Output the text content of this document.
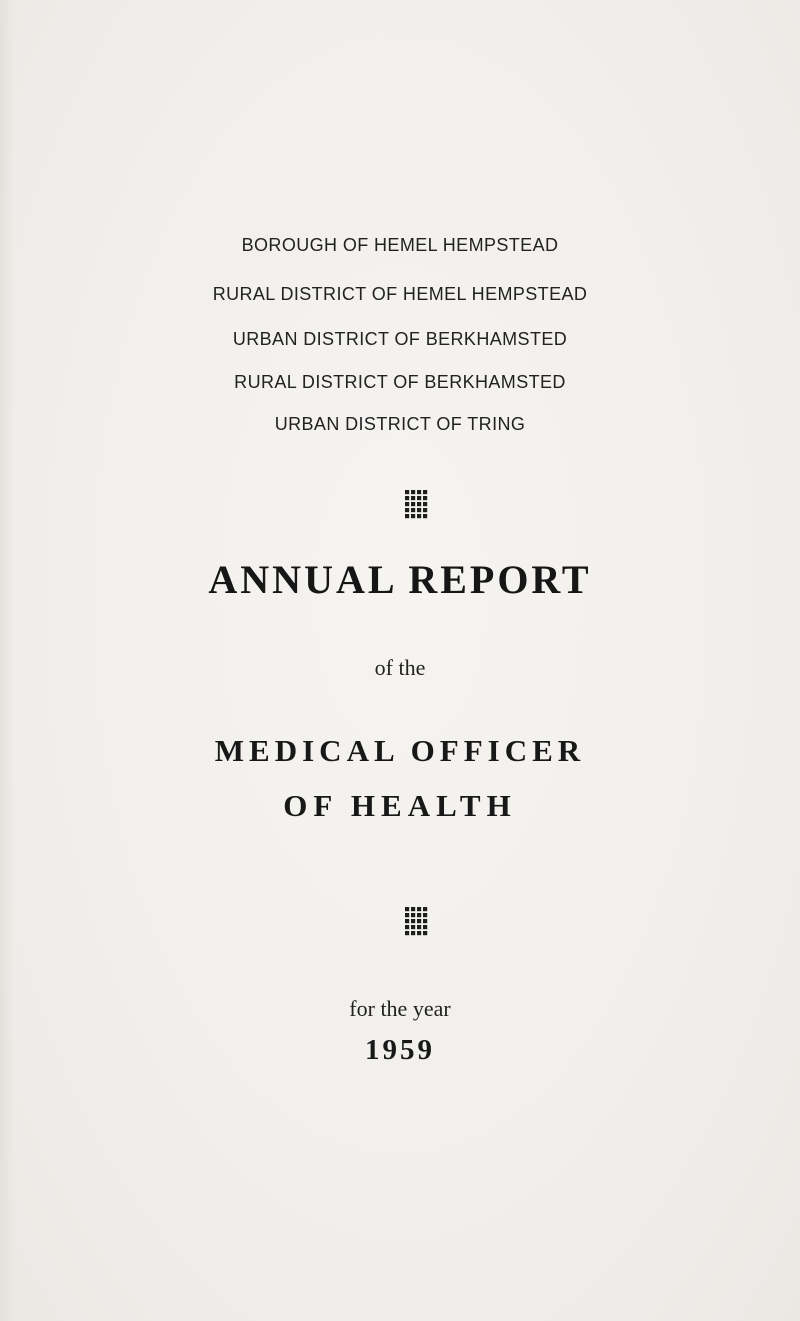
BOROUGH OF HEMEL HEMPSTEAD
RURAL DISTRICT OF HEMEL HEMPSTEAD
URBAN DISTRICT OF BERKHAMSTED
RURAL DISTRICT OF BERKHAMSTED
URBAN DISTRICT OF TRING
ANNUAL REPORT
of the
MEDICAL OFFICER
OF HEALTH
for the year
1959
